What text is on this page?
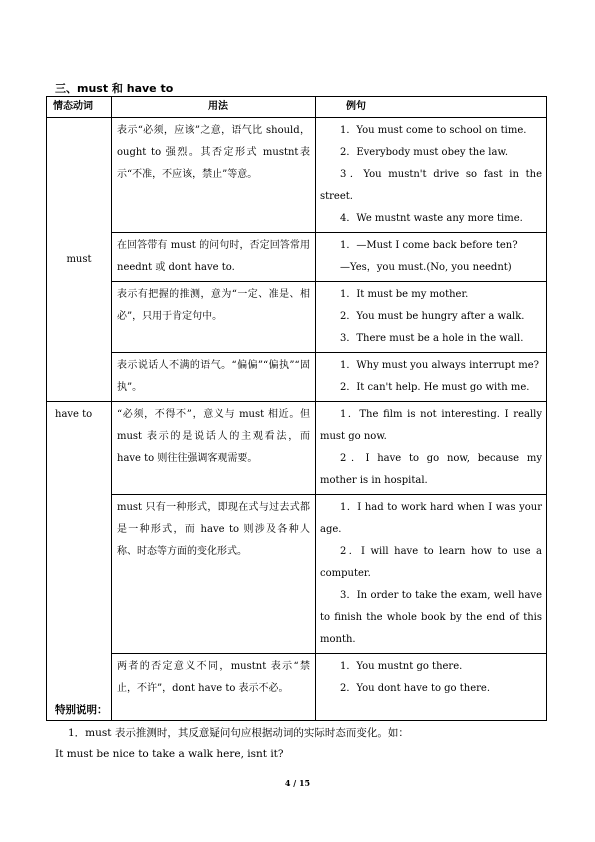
三、must 和 have to
情态动词	用法	例句
must	表示“必须，应该”之意，语气比 should，ought to 强烈。其否定形式 mustnt表示“不准，不应该，禁止”等意。	1．You must come to school on time.

2．Everybody must obey the law.

3．You mustn't drive so fast in the street.

4．We mustnt waste any more time.

	在回答带有 must 的问句时，否定回答常用 neednt 或 dont have to.	1．—Must I come back before ten?

—Yes，you must.(No, you neednt)

	表示有把握的推测，意为“一定、准是、相必”，只用于肯定句中。	1．It must be my mother.

2．You must be hungry after a walk.

3．There must be a hole in the wall.

	表示说话人不满的语气。“偏偏”“偏执”“固执”。	1．Why must you always interrupt me?

2．It can't help. He must go with me.

have to	“必须，不得不”，意义与 must 相近。但 must 表示的是说话人的主观看法，而 have to 则往往强调客观需要。	1．The film is not interesting. I really must go now.

2．I have to go now, because my mother is in hospital.

	must 只有一种形式，即现在式与过去式都是一种形式，而 have to 则涉及各种人称、时态等方面的变化形式。	1．I had to work hard when I was your age.

2．I will have to learn how to use a computer.

3．In order to take the exam, well have to finish the whole book by the end of this month.

	两者的否定意义不同，mustnt 表示“禁止，不许”，dont have to 表示不必。	1．You mustnt go there.

2．You dont have to go there.

特别说明：
1．must 表示推测时，其反意疑问句应根据动词的实际时态而变化。如：
It must be nice to take a walk here, isnt it?
4 / 15
